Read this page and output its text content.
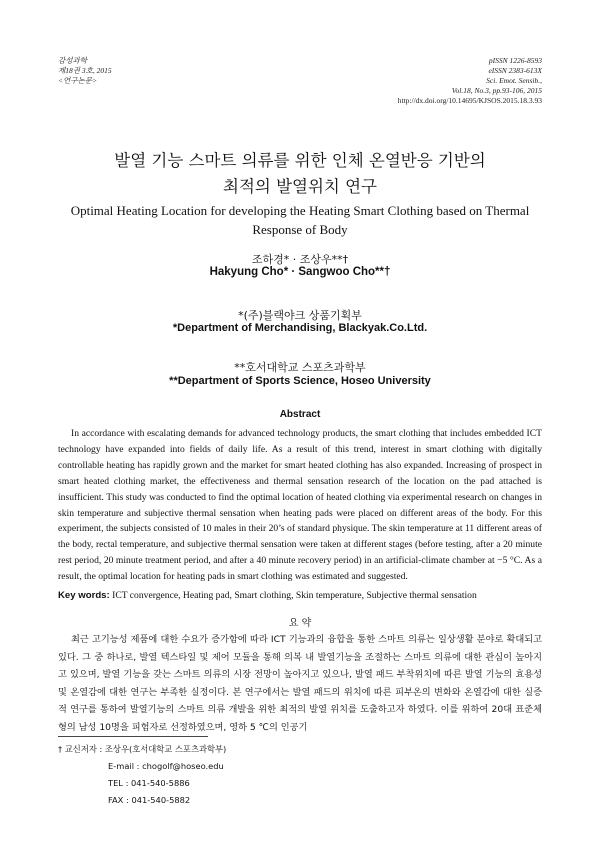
감성과학
제18권 3호, 2015
<연구논문>
pISSN 1226-8593
eISSN 2383-613X
Sci. Emot. Sensib.,
Vol.18, No.3, pp.93-106, 2015
http://dx.doi.org/10.14695/KJSOS.2015.18.3.93
발열 기능 스마트 의류를 위한 인체 온열반응 기반의
최적의 발열위치 연구
Optimal Heating Location for developing the Heating Smart Clothing based on Thermal Response of Body
조하경* · 조상우**†
Hakyung Cho* · Sangwoo Cho**†
*(주)블랙야크 상품기획부
*Department of Merchandising, Blackyak.Co.Ltd.
**호서대학교 스포츠과학부
**Department of Sports Science, Hoseo University
Abstract
In accordance with escalating demands for advanced technology products, the smart clothing that includes embedded ICT technology have expanded into fields of daily life. As a result of this trend, interest in smart clothing with digitally controllable heating has rapidly grown and the market for smart heated clothing has also expanded. Increasing of prospect in smart heated clothing market, the effectiveness and thermal sensation research of the location on the pad attached is insufficient. This study was conducted to find the optimal location of heated clothing via experimental research on changes in skin temperature and subjective thermal sensation when heating pads were placed on different areas of the body. For this experiment, the subjects consisted of 10 males in their 20’s of standard physique. The skin temperature at 11 different areas of the body, rectal temperature, and subjective thermal sensation were taken at different stages (before testing, after a 20 minute rest period, 20 minute treatment period, and after a 40 minute recovery period) in an artificial-climate chamber at −5 °C. As a result, the optimal location for heating pads in smart clothing was estimated and suggested.
Key words: ICT convergence, Heating pad, Smart clothing, Skin temperature, Subjective thermal sensation
요 약
최근 고기능성 제품에 대한 수요가 증가함에 따라 ICT 기능과의 융합을 통한 스마트 의류는 일상생활 분야로 확대되고 있다. 그 중 하나로, 발열 텍스타일 및 제어 모듈을 통해 의복 내 발열기능을 조절하는 스마트 의류에 대한 관심이 높아지고 있으며, 발열 기능을 갖는 스마트 의류의 시장 전망이 높아지고 있으나, 발열 패드 부착위치에 따른 발열 기능의 효용성 및 온열감에 대한 연구는 부족한 실정이다. 본 연구에서는 발열 패드의 위치에 따른 피부온의 변화와 온열감에 대한 실증적 연구를 통하여 발열기능의 스마트 의류 개발을 위한 최적의 발열 위치를 도출하고자 하였다. 이를 위하여 20대 표준체형의 남성 10명을 피험자로 선정하였으며, 영하 5 ℃의 인공기
† 교신저자 : 조상우(호서대학교 스포츠과학부)
E-mail : chogolf@hoseo.edu
TEL : 041-540-5886
FAX : 041-540-5882
